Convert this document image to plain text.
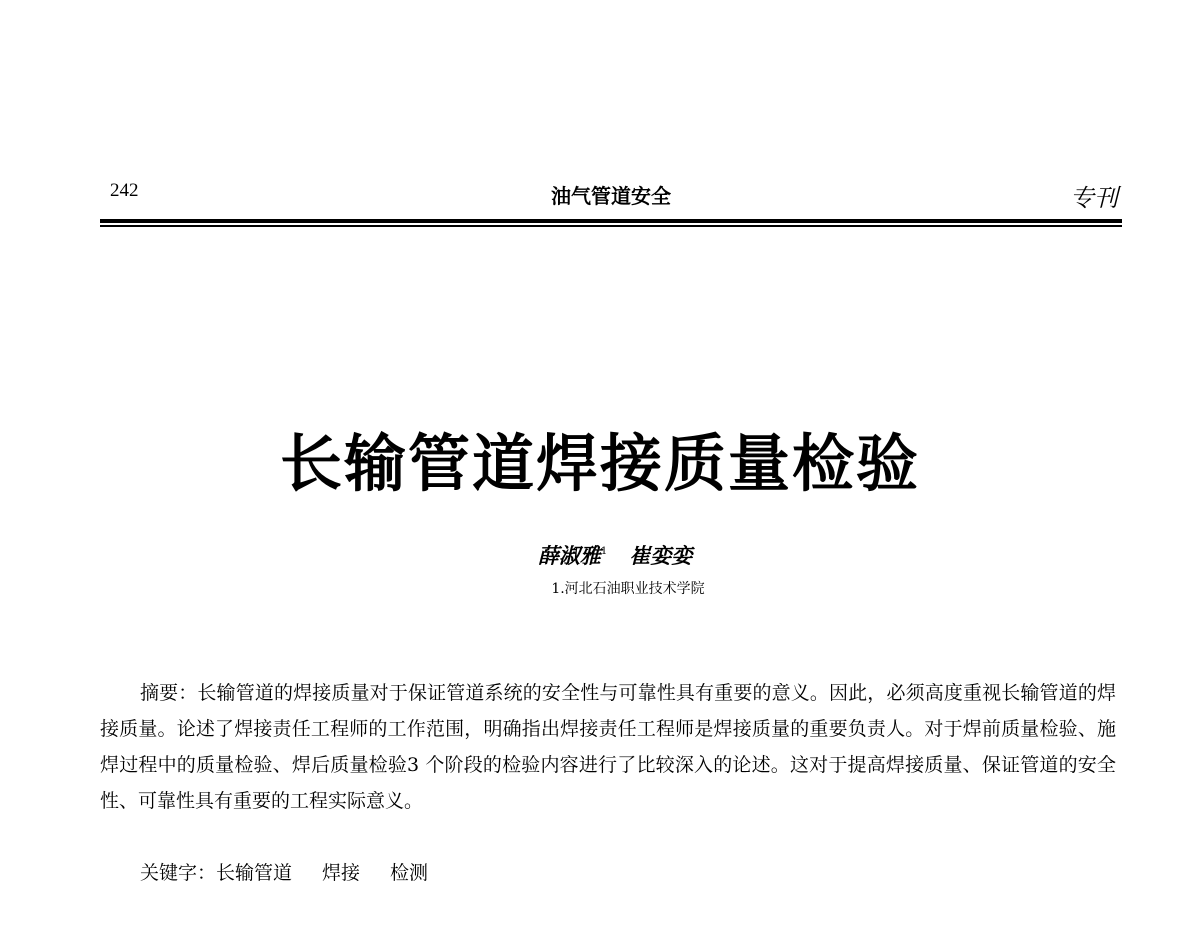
242	油气管道安全	专刊
长输管道焊接质量检验
薛淑雅$^1$ 崔娈娈
1.河北石油职业技术学院

摘要：长输管道的焊接质量对于保证管道系统的安全性与可靠性具有重要的意义。因此，必须高度重视长输管道的焊接质量。论述了焊接责任工程师的工作范围，明确指出焊接责任工程师是焊接质量的重要负责人。对于焊前质量检验、施焊过程中的质量检验、焊后质量检验3 个阶段的检验内容进行了比较深入的论述。这对于提高焊接质量、保证管道的安全性、可靠性具有重要的工程实际意义。

关键字：长输管道 焊接 检测
